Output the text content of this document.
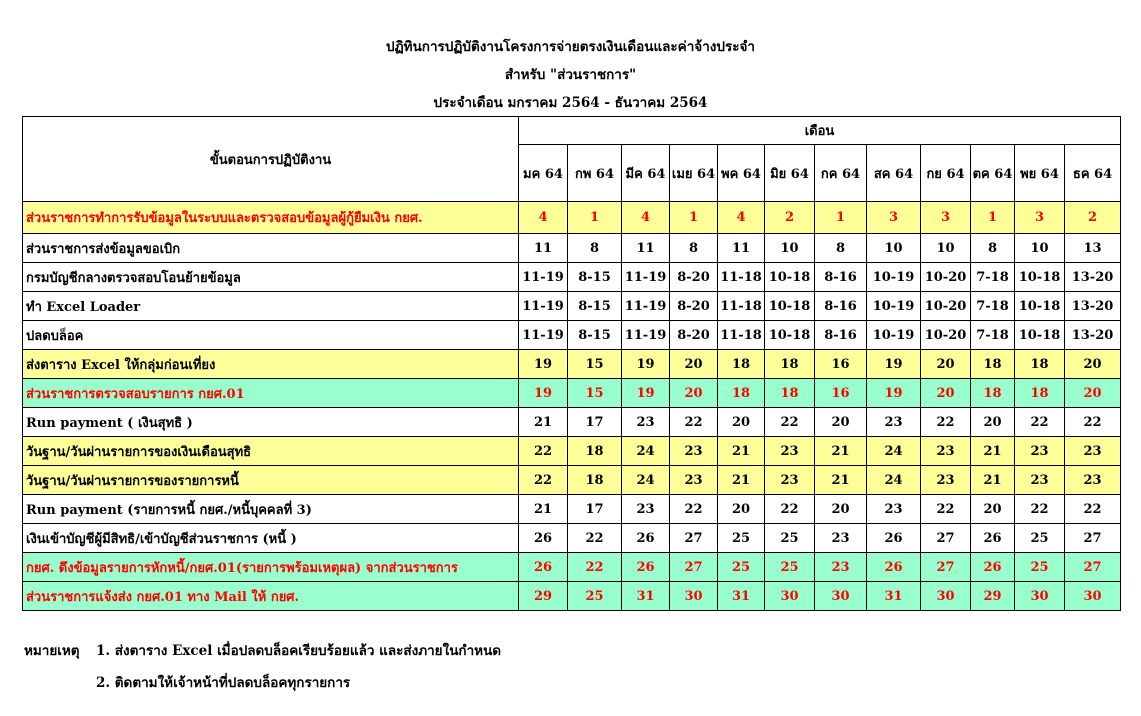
ปฏิทินการปฏิบัติงานโครงการจ่ายตรงเงินเดือนและค่าจ้างประจำ
สำหรับ "ส่วนราชการ"
ประจำเดือน มกราคม 2564 - ธันวาคม 2564
ขั้นตอนการปฏิบัติงาน	เดือน											
	มค 64	กพ 64	มีค 64	เมย 64	พค 64	มิย 64	กค 64	สค 64	กย 64	ตค 64	พย 64	ธค 64
ส่วนราชการทำการรับข้อมูลในระบบและตรวจสอบข้อมูลผู้กู้ยืมเงิน กยศ.	4	1	4	1	4	2	1	3	3	1	3	2
ส่วนราชการส่งข้อมูลขอเบิก	11	8	11	8	11	10	8	10	10	8	10	13
กรมบัญชีกลางตรวจสอบโอนย้ายข้อมูล	11-19	8-15	11-19	8-20	11-18	10-18	8-16	10-19	10-20	7-18	10-18	13-20
ทำ Excel Loader	11-19	8-15	11-19	8-20	11-18	10-18	8-16	10-19	10-20	7-18	10-18	13-20
ปลดบล็อค	11-19	8-15	11-19	8-20	11-18	10-18	8-16	10-19	10-20	7-18	10-18	13-20
ส่งตาราง Excel ให้กลุ่มก่อนเที่ยง	19	15	19	20	18	18	16	19	20	18	18	20
ส่วนราชการตรวจสอบรายการ กยศ.01	19	15	19	20	18	18	16	19	20	18	18	20
Run payment ( เงินสุทธิ )	21	17	23	22	20	22	20	23	22	20	22	22
วันฐาน/วันผ่านรายการของเงินเดือนสุทธิ	22	18	24	23	21	23	21	24	23	21	23	23
วันฐาน/วันผ่านรายการของรายการหนี้	22	18	24	23	21	23	21	24	23	21	23	23
Run payment (รายการหนี้ กยศ./หนี้บุคคลที่ 3)	21	17	23	22	20	22	20	23	22	20	22	22
เงินเข้าบัญชีผู้มีสิทธิ/เข้าบัญชีส่วนราชการ (หนี้ )	26	22	26	27	25	25	23	26	27	26	25	27
กยศ. ดึงข้อมูลรายการหักหนี้/กยศ.01(รายการพร้อมเหตุผล) จากส่วนราชการ	26	22	26	27	25	25	23	26	27	26	25	27
ส่วนราชการแจ้งส่ง กยศ.01 ทาง Mail ให้ กยศ.	29	25	31	30	31	30	30	31	30	29	30	30
หมายเหตุ 1. ส่งตาราง Excel เมื่อปลดบล็อคเรียบร้อยแล้ว และส่งภายในกำหนด
2. ติดตามให้เจ้าหน้าที่ปลดบล็อคทุกรายการ
